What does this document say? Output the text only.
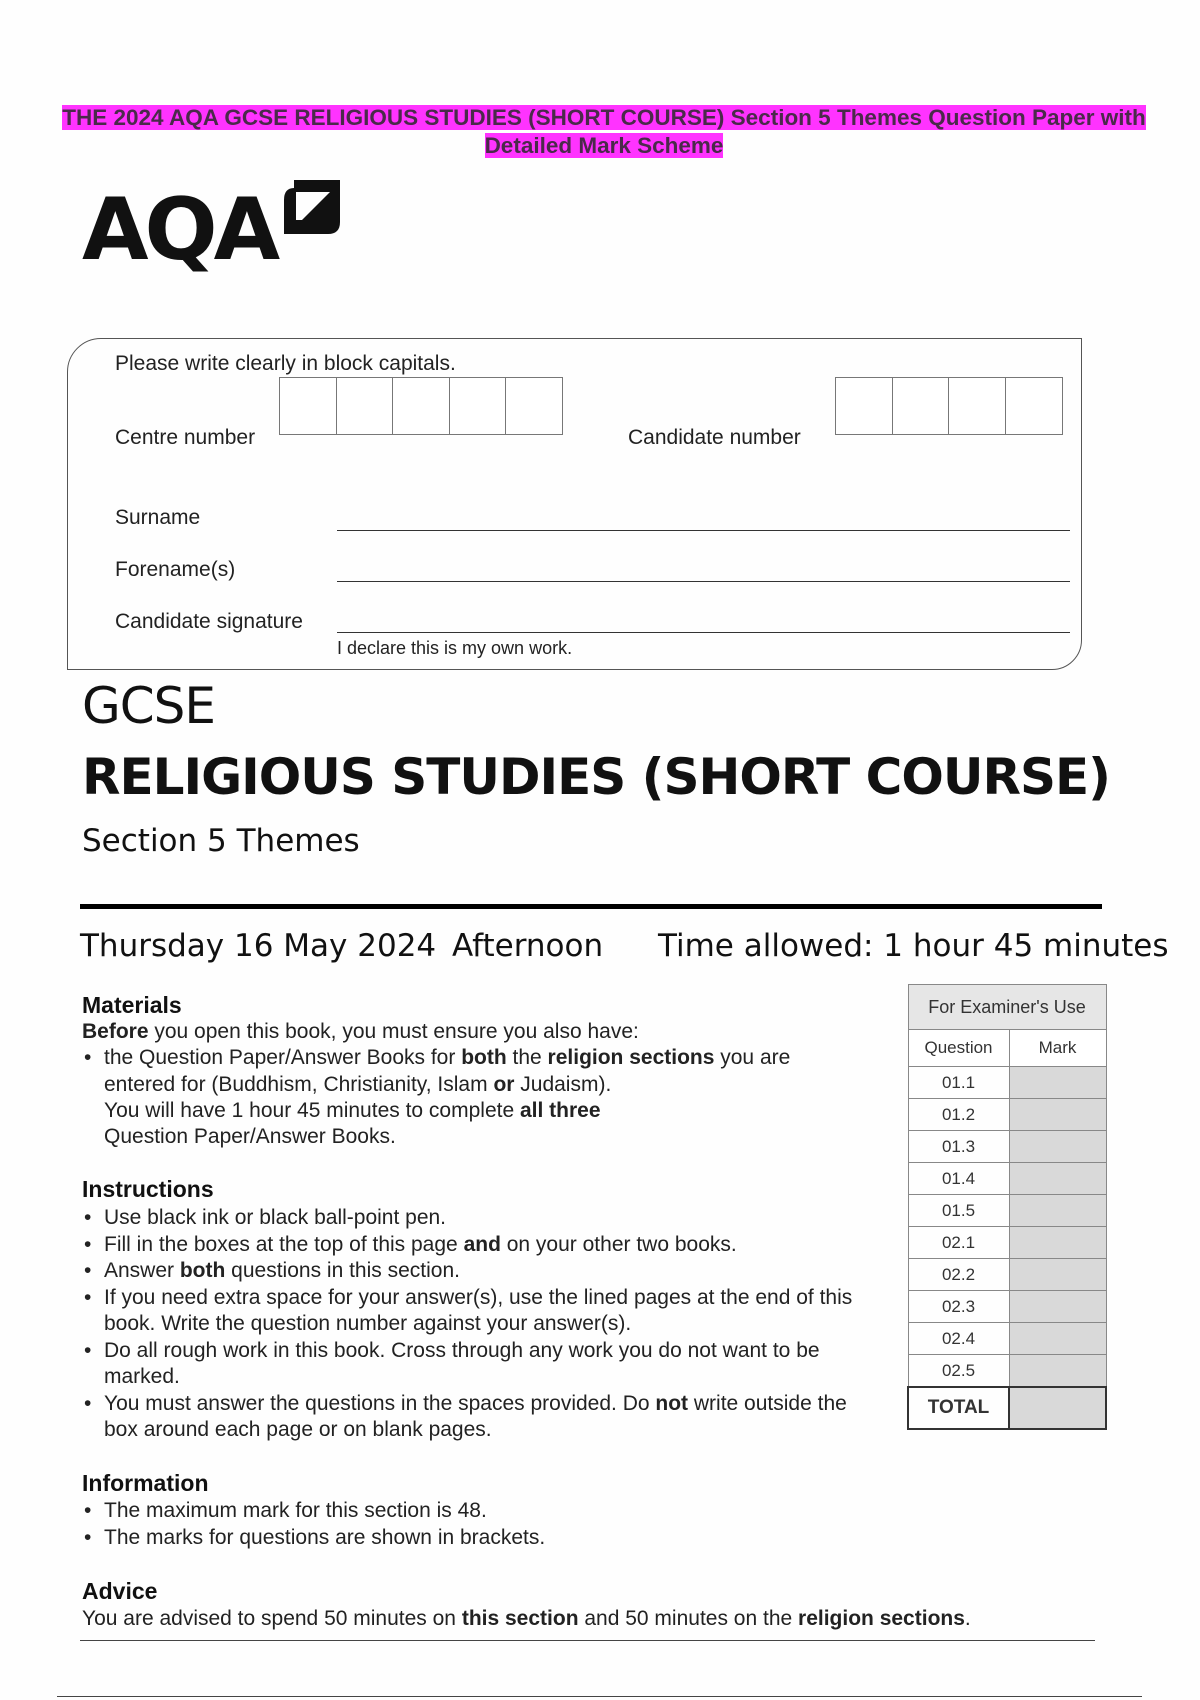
THE 2024 AQA GCSE RELIGIOUS STUDIES (SHORT COURSE) Section 5 Themes Question Paper with
Detailed Mark Scheme
AQA
Please write clearly in block capitals.
Centre number	Candidate number
Surname
Forename(s)
Candidate signature
I declare this is my own work.
GCSE
RELIGIOUS STUDIES (SHORT COURSE)
Section 5 Themes
Thursday 16 May 2024 Afternoon Time allowed: 1 hour 45 minutes
Materials
Before you open this book, you must ensure you also have:
• the Question Paper/Answer Books for both the religion sections you are entered for (Buddhism, Christianity, Islam or Judaism).
You will have 1 hour 45 minutes to complete all three Question Paper/Answer Books.
Instructions
• Use black ink or black ball-point pen.
• Fill in the boxes at the top of this page and on your other two books.
• Answer both questions in this section.
• If you need extra space for your answer(s), use the lined pages at the end of this book. Write the question number against your answer(s).
• Do all rough work in this book. Cross through any work you do not want to be marked.
• You must answer the questions in the spaces provided. Do not write outside the box around each page or on blank pages.
Information
• The maximum mark for this section is 48.
• The marks for questions are shown in brackets.
Advice
You are advised to spend 50 minutes on this section and 50 minutes on the religion sections.
For Examiner's Use	
Question	Mark
01.1	
01.2	
01.3	
01.4	
01.5	
02.1	
02.2	
02.3	
02.4	
02.5	
TOTAL	
